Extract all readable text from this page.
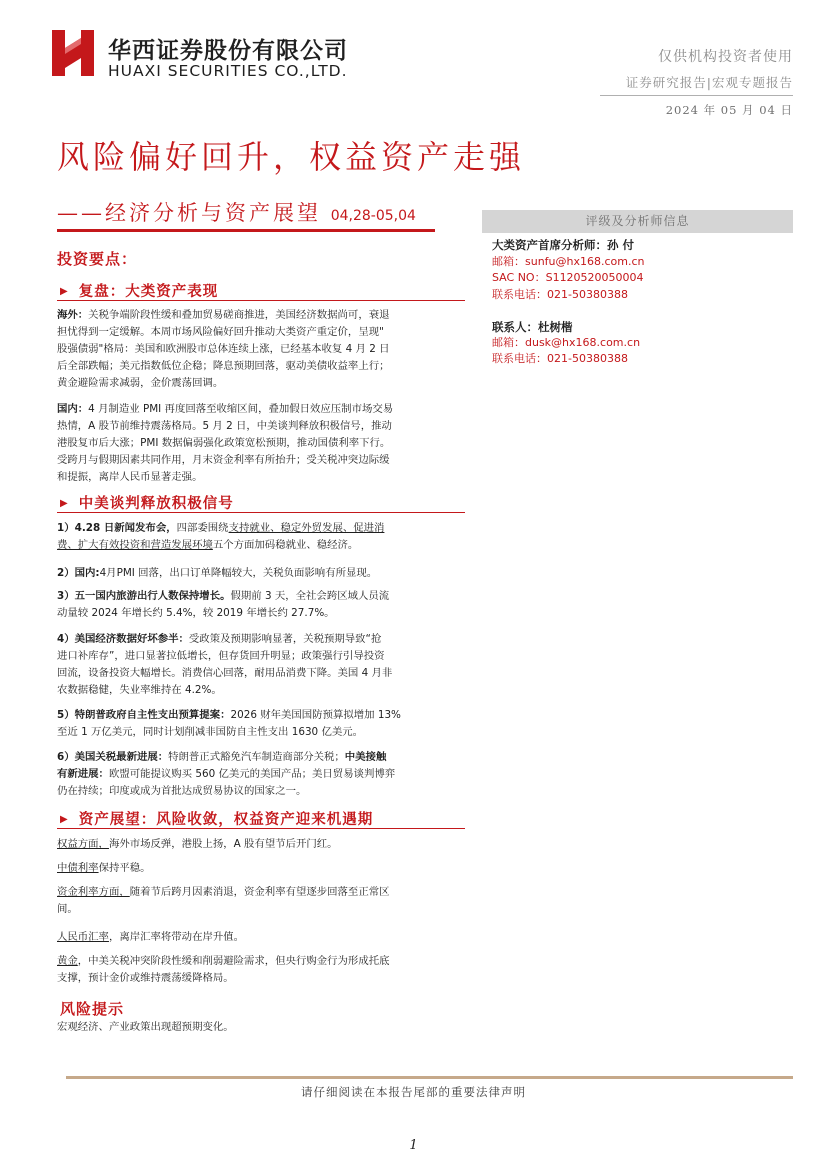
华西证券股份有限公司
HUAXI SECURITIES CO.,LTD.
仅供机构投资者使用
证券研究报告|宏观专题报告
2024 年 05 月 04 日
风险偏好回升，权益资产走强
——经济分析与资产展望 04,28-05,04	评级及分析师信息
大类资产首席分析师：孙 付
邮箱：sunfu@hx168.com.cn
SAC NO：S1120520050004
联系电话：021-50380388
联系人：杜树楷
邮箱：dusk@hx168.com.cn
联系电话：021-50380388
投资要点：
▶ 复盘：大类资产表现
海外：关税争端阶段性缓和叠加贸易磋商推进，美国经济数据尚可，衰退
担忧得到一定缓解。本周市场风险偏好回升推动大类资产重定价，呈现"
股强债弱"格局：美国和欧洲股市总体连续上涨，已经基本收复 4 月 2 日
后全部跌幅；美元指数低位企稳；降息预期回落，驱动美债收益率上行；
黄金避险需求减弱，金价震荡回调。
国内：4 月制造业 PMI 再度回落至收缩区间，叠加假日效应压制市场交易
热情，A 股节前维持震荡格局。5 月 2 日，中美谈判释放积极信号，推动
港股复市后大涨；PMI 数据偏弱强化政策宽松预期，推动国债利率下行。
受跨月与假期因素共同作用，月末资金利率有所抬升；受关税冲突边际缓
和提振，离岸人民币显著走强。
▶ 中美谈判释放积极信号
1）4.28 日新闻发布会，四部委围绕支持就业、稳定外贸发展、促进消
费、扩大有效投资和营造发展环境五个方面加码稳就业、稳经济。
2）国内:4月PMI 回落，出口订单降幅较大，关税负面影响有所显现。
3）五一国内旅游出行人数保持增长。假期前 3 天，全社会跨区域人员流
动量较 2024 年增长约 5.4%，较 2019 年增长约 27.7%。
4）美国经济数据好坏参半：受政策及预期影响显著，关税预期导致“抢
进口补库存”，进口显著拉低增长，但存货回升明显；政策强行引导投资
回流，设备投资大幅增长。消费信心回落，耐用品消费下降。美国 4 月非
农数据稳健，失业率维持在 4.2%。
5）特朗普政府自主性支出预算提案：2026 财年美国国防预算拟增加 13%
至近 1 万亿美元，同时计划削减非国防自主性支出 1630 亿美元。
6）美国关税最新进展：特朗普正式豁免汽车制造商部分关税；中美接触
有新进展：欧盟可能提议购买 560 亿美元的美国产品；美日贸易谈判博弈
仍在持续；印度或成为首批达成贸易协议的国家之一。
▶ 资产展望：风险收敛，权益资产迎来机遇期
权益方面，海外市场反弹，港股上扬，A 股有望节后开门红。
中债利率保持平稳。
资金利率方面，随着节后跨月因素消退，资金利率有望逐步回落至正常区
间。
人民币汇率，离岸汇率将带动在岸升值。
黄金，中美关税冲突阶段性缓和削弱避险需求，但央行购金行为形成托底
支撑，预计金价或维持震荡缓降格局。
风险提示
宏观经济、产业政策出现超预期变化。
请仔细阅读在本报告尾部的重要法律声明
1
